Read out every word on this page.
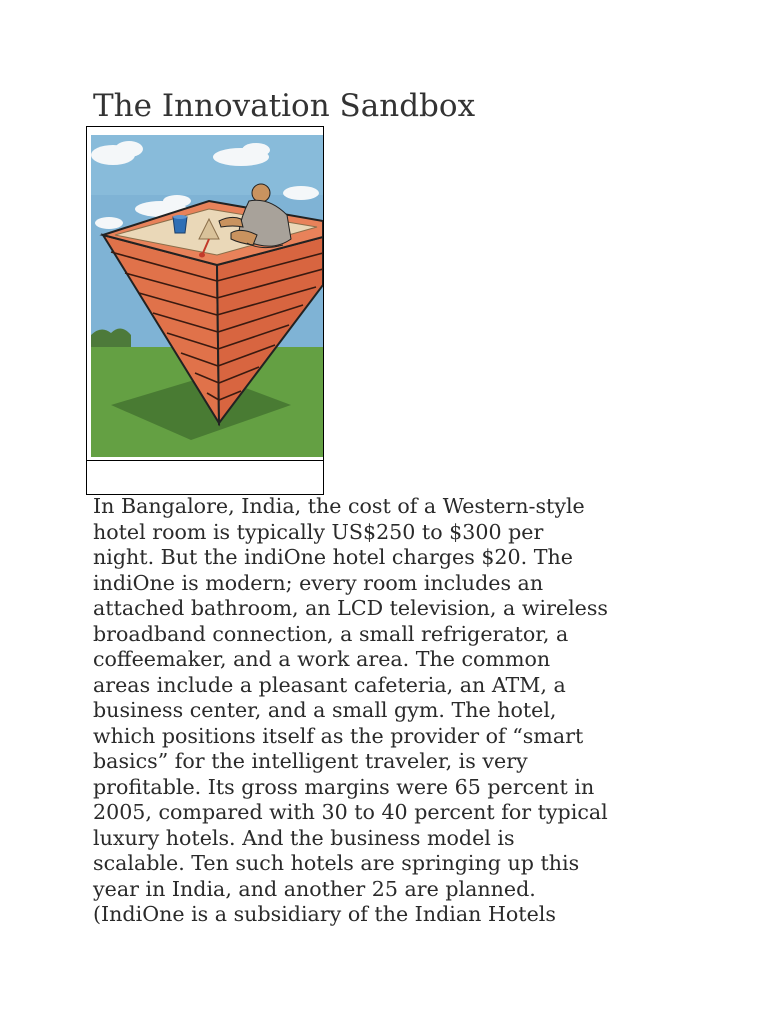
The Innovation Sandbox

In Bangalore, India, the cost of a Western-style
hotel room is typically US$250 to $300 per
night. But the indiOne hotel charges $20. The
indiOne is modern; every room includes an
attached bathroom, an LCD television, a wireless
broadband connection, a small refrigerator, a
coffeemaker, and a work area. The common
areas include a pleasant cafeteria, an ATM, a
business center, and a small gym. The hotel,
which positions itself as the provider of “smart
basics” for the intelligent traveler, is very
profitable. Its gross margins were 65 percent in
2005, compared with 30 to 40 percent for typical
luxury hotels. And the business model is
scalable. Ten such hotels are springing up this
year in India, and another 25 are planned.
(IndiOne is a subsidiary of the Indian Hotels
